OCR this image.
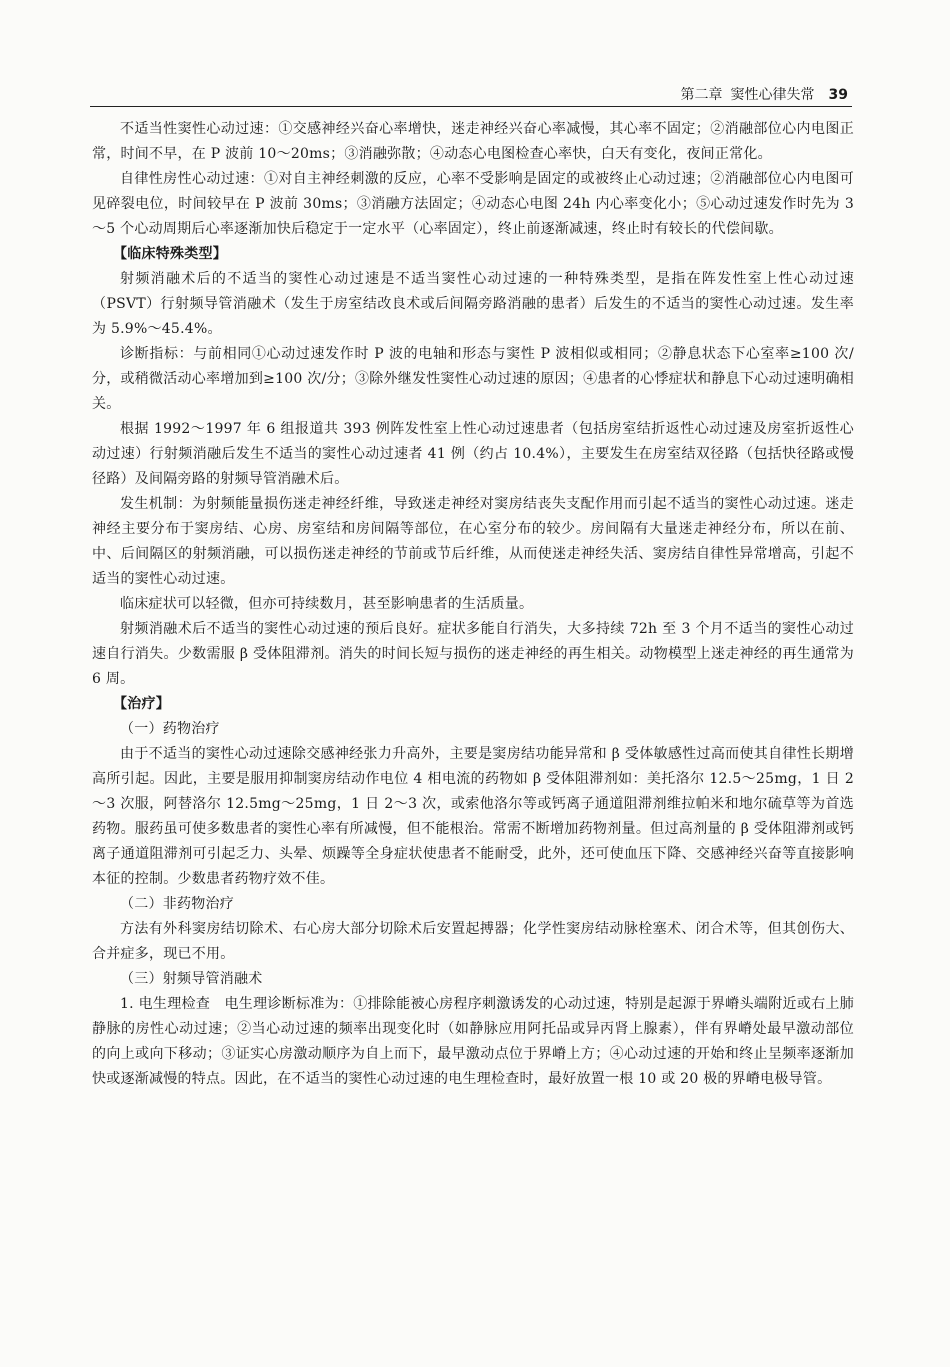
第二章 窦性心律失常 39

不适当性窦性心动过速：①交感神经兴奋心率增快，迷走神经兴奋心率减慢，其心率不固定；②消融部位心内电图正常，时间不早，在 P 波前 10～20ms；③消融弥散；④动态心电图检查心率快，白天有变化，夜间正常化。

自律性房性心动过速：①对自主神经刺激的反应，心率不受影响是固定的或被终止心动过速；②消融部位心内电图可见碎裂电位，时间较早在 P 波前 30ms；③消融方法固定；④动态心电图 24h 内心率变化小；⑤心动过速发作时先为 3～5 个心动周期后心率逐渐加快后稳定于一定水平（心率固定），终止前逐渐减速，终止时有较长的代偿间歇。

【临床特殊类型】

射频消融术后的不适当的窦性心动过速是不适当窦性心动过速的一种特殊类型，是指在阵发性室上性心动过速（PSVT）行射频导管消融术（发生于房室结改良术或后间隔旁路消融的患者）后发生的不适当的窦性心动过速。发生率为 5.9%～45.4%。

诊断指标：与前相同①心动过速发作时 P 波的电轴和形态与窦性 P 波相似或相同；②静息状态下心室率≥100 次/分，或稍微活动心率增加到≥100 次/分；③除外继发性窦性心动过速的原因；④患者的心悸症状和静息下心动过速明确相关。

根据 1992～1997 年 6 组报道共 393 例阵发性室上性心动过速患者（包括房室结折返性心动过速及房室折返性心动过速）行射频消融后发生不适当的窦性心动过速者 41 例（约占 10.4%），主要发生在房室结双径路（包括快径路或慢径路）及间隔旁路的射频导管消融术后。

发生机制：为射频能量损伤迷走神经纤维，导致迷走神经对窦房结丧失支配作用而引起不适当的窦性心动过速。迷走神经主要分布于窦房结、心房、房室结和房间隔等部位，在心室分布的较少。房间隔有大量迷走神经分布，所以在前、中、后间隔区的射频消融，可以损伤迷走神经的节前或节后纤维，从而使迷走神经失活、窦房结自律性异常增高，引起不适当的窦性心动过速。

临床症状可以轻微，但亦可持续数月，甚至影响患者的生活质量。

射频消融术后不适当的窦性心动过速的预后良好。症状多能自行消失，大多持续 72h 至 3 个月不适当的窦性心动过速自行消失。少数需服 β 受体阻滞剂。消失的时间长短与损伤的迷走神经的再生相关。动物模型上迷走神经的再生通常为 6 周。

【治疗】

（一）药物治疗

由于不适当的窦性心动过速除交感神经张力升高外，主要是窦房结功能异常和 β 受体敏感性过高而使其自律性长期增高所引起。因此，主要是服用抑制窦房结动作电位 4 相电流的药物如 β 受体阻滞剂如：美托洛尔 12.5～25mg，1 日 2～3 次服，阿替洛尔 12.5mg～25mg，1 日 2～3 次，或索他洛尔等或钙离子通道阻滞剂维拉帕米和地尔硫草等为首选药物。服药虽可使多数患者的窦性心率有所减慢，但不能根治。常需不断增加药物剂量。但过高剂量的 β 受体阻滞剂或钙离子通道阻滞剂可引起乏力、头晕、烦躁等全身症状使患者不能耐受，此外，还可使血压下降、交感神经兴奋等直接影响本征的控制。少数患者药物疗效不佳。

（二）非药物治疗

方法有外科窦房结切除术、右心房大部分切除术后安置起搏器；化学性窦房结动脉栓塞术、闭合术等，但其创伤大、合并症多，现已不用。

（三）射频导管消融术

1. 电生理检查　电生理诊断标准为：①排除能被心房程序刺激诱发的心动过速，特别是起源于界嵴头端附近或右上肺静脉的房性心动过速；②当心动过速的频率出现变化时（如静脉应用阿托品或异丙肾上腺素），伴有界嵴处最早激动部位的向上或向下移动；③证实心房激动顺序为自上而下，最早激动点位于界嵴上方；④心动过速的开始和终止呈频率逐渐加快或逐渐减慢的特点。因此，在不适当的窦性心动过速的电生理检查时，最好放置一根 10 或 20 极的界嵴电极导管。
